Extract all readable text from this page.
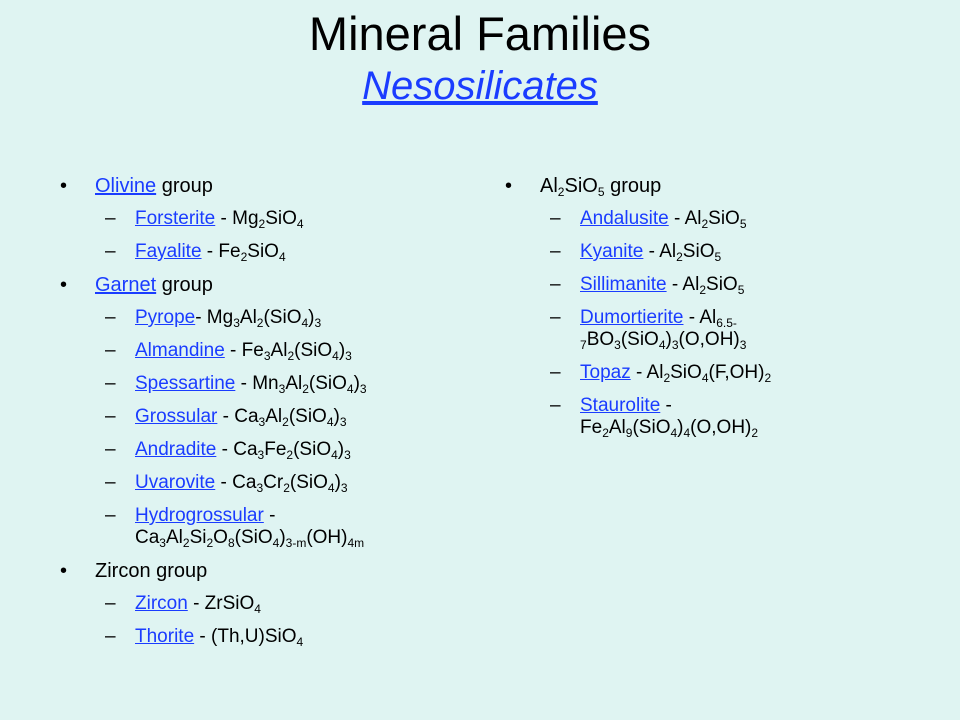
Mineral Families
Nesosilicates
• Olivine group
– Forsterite - $Mg_2SiO_4$
– Fayalite - $Fe_2SiO_4$
• Garnet group
– Pyrope- $Mg_3Al_2(SiO_4)_3$
– Almandine - $Fe_3Al_2(SiO_4)_3$
– Spessartine - $Mn_3Al_2(SiO_4)_3$
– Grossular - $Ca_3Al_2(SiO_4)_3$
– Andradite - $Ca_3Fe_2(SiO_4)_3$
– Uvarovite - $Ca_3Cr_2(SiO_4)_3$
– Hydrogrossular -
$Ca_3Al_2Si_2O_8(SiO_4)_{3-m}(OH)_{4m}$
• Zircon group
– Zircon - ZrSiO$_4$
– Thorite - (Th,U)SiO$_4$
• $Al_2SiO_5$ group
– Andalusite - $Al_2SiO_5$
– Kyanite - $Al_2SiO_5$
– Sillimanite - $Al_2SiO_5$
– Dumortierite - $Al_{6.5-}$
$_7BO_3(SiO_4)_3(O,OH)_3$
– Topaz - $Al_2SiO_4(F,OH)_2$
– Staurolite -
$Fe_2Al_9(SiO_4)_4(O,OH)_2$
